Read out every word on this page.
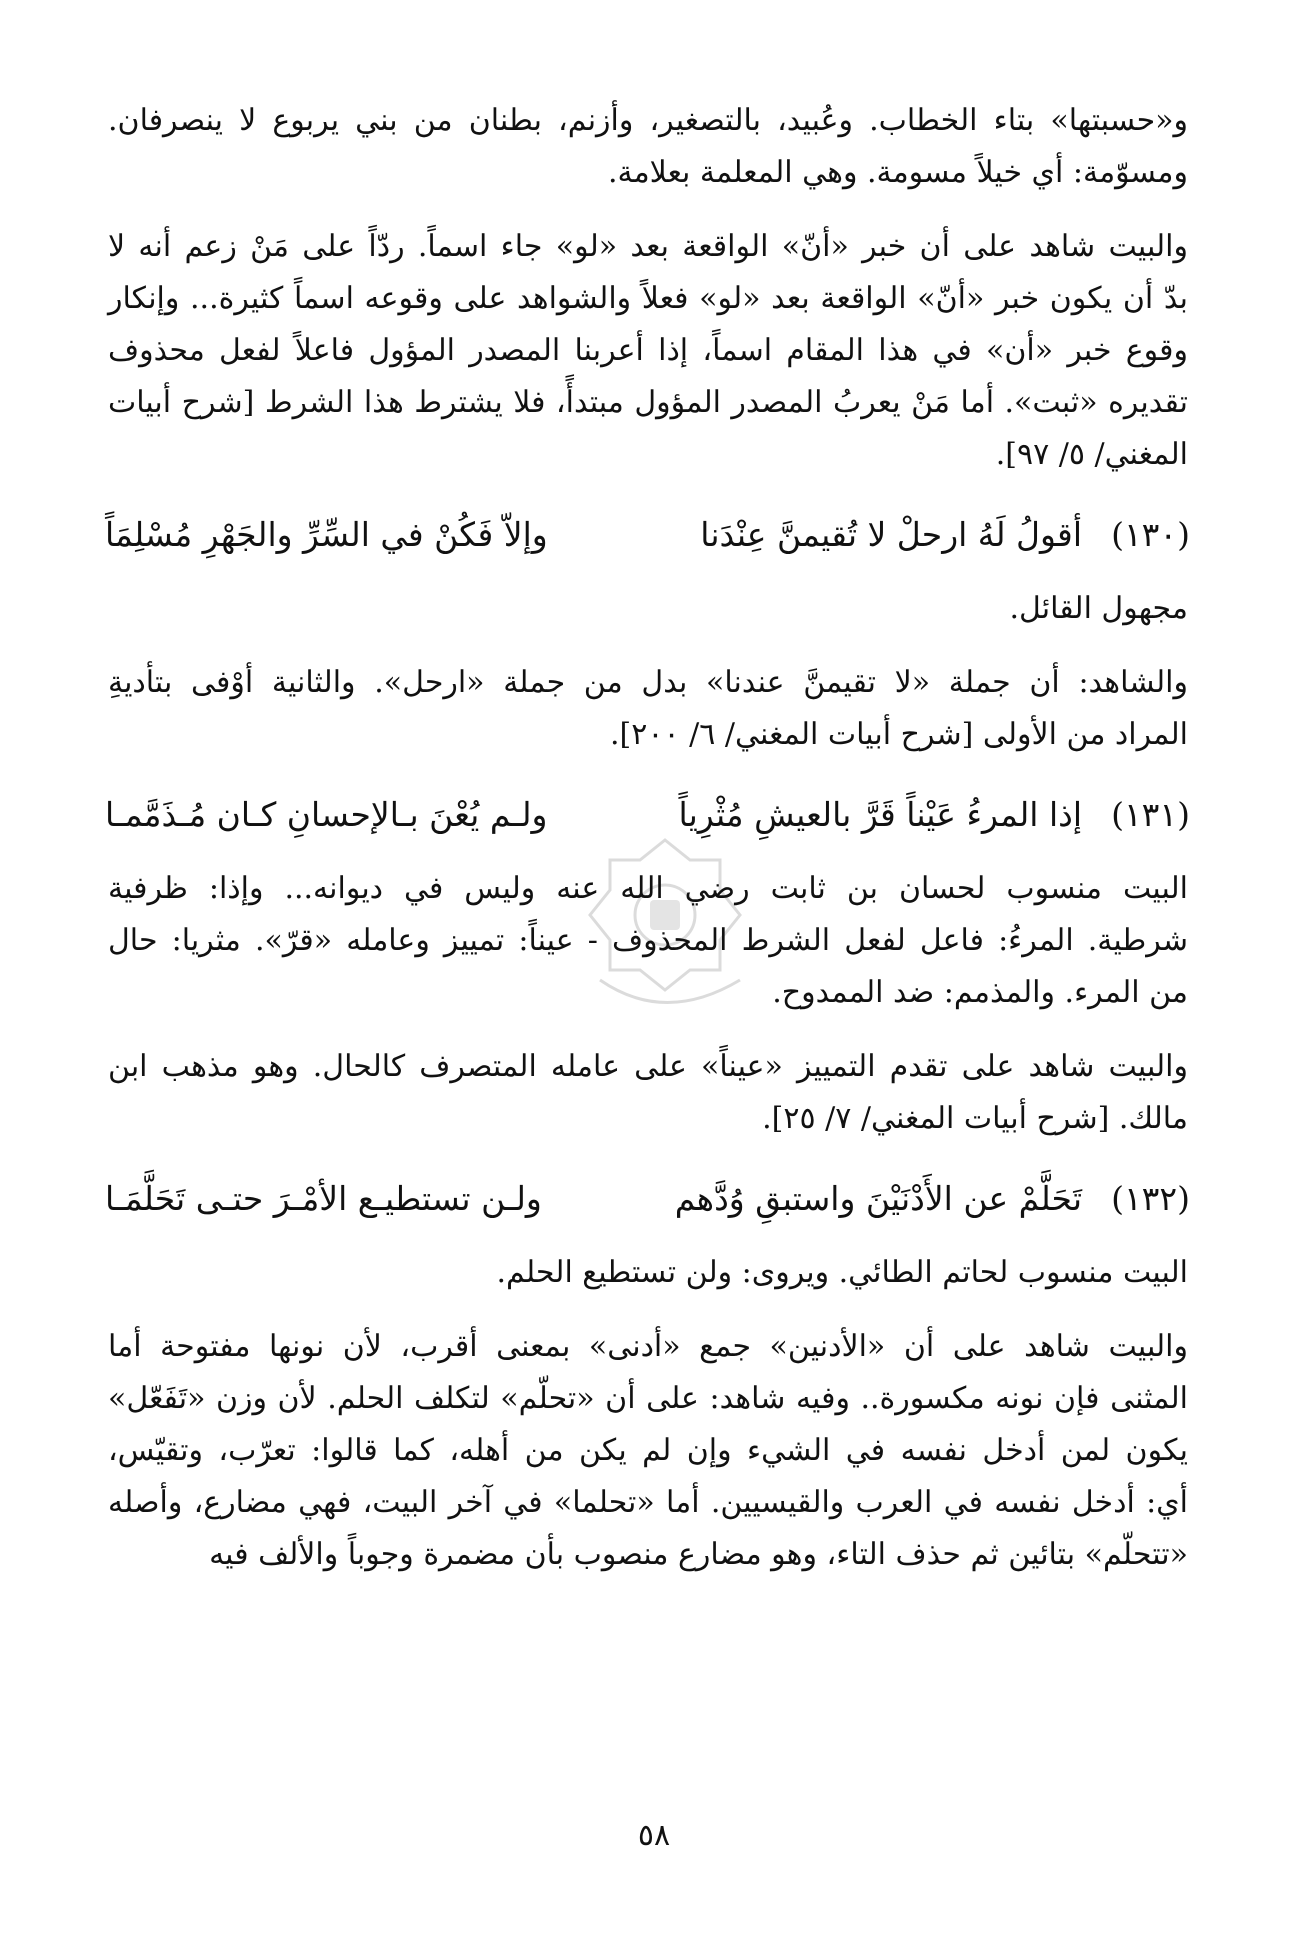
و«حسبتها» بتاء الخطاب. وعُبيد، بالتصغير، وأزنم، بطنان من بني يربوع لا ينصرفان.
ومسوّمة: أي خيلاً مسومة. وهي المعلمة بعلامة.
والبيت شاهد على أن خبر «أنّ» الواقعة بعد «لو» جاء اسماً. ردّاً على مَنْ زعم أنه لا
بدّ أن يكون خبر «أنّ» الواقعة بعد «لو» فعلاً والشواهد على وقوعه اسماً كثيرة... وإنكار
وقوع خبر «أن» في هذا المقام اسماً، إذا أعربنا المصدر المؤول فاعلاً لفعل محذوف
تقديره «ثبت». أما مَنْ يعربُ المصدر المؤول مبتدأً، فلا يشترط هذا الشرط [شرح أبيات
المغني/ ٥/ ٩٧].
(١٣٠)
أقولُ لَهُ ارحلْ لا تُقيمنَّ عِنْدَنا
وإلاّ فَكُنْ في السِّرِّ والجَهْرِ مُسْلِمَاً
مجهول القائل.
والشاهد: أن جملة «لا تقيمنَّ عندنا» بدل من جملة «ارحل». والثانية أوْفى بتأديةِ
المراد من الأولى [شرح أبيات المغني/ ٦/ ٢٠٠].
(١٣١)
إذا المرءُ عَيْناً قَرَّ بالعيشِ مُثْرِياً
ولـم يُعْنَ بـالإحسانِ كـان مُـذَمَّمـا
البيت منسوب لحسان بن ثابت رضي الله عنه وليس في ديوانه... وإذا: ظرفية
شرطية. المرءُ: فاعل لفعل الشرط المحذوف - عيناً: تمييز وعامله «قرّ». مثريا: حال
من المرء. والمذمم: ضد الممدوح.
والبيت شاهد على تقدم التمييز «عيناً» على عامله المتصرف كالحال. وهو مذهب ابن
مالك. [شرح أبيات المغني/ ٧/ ٢٥].
(١٣٢)
تَحَلَّمْ عن الأَدْنَيْنَ واستبقِ وُدَّهم
ولـن تستطيـع الأمْـرَ حتـى تَحَلَّمَـا
البيت منسوب لحاتم الطائي. ويروى: ولن تستطيع الحلم.
والبيت شاهد على أن «الأدنين» جمع «أدنى» بمعنى أقرب، لأن نونها مفتوحة أما
المثنى فإن نونه مكسورة.. وفيه شاهد: على أن «تحلّم» لتكلف الحلم. لأن وزن «تَفَعّل»
يكون لمن أدخل نفسه في الشيء وإن لم يكن من أهله، كما قالوا: تعرّب، وتقيّس،
أي: أدخل نفسه في العرب والقيسيين. أما «تحلما» في آخر البيت، فهي مضارع، وأصله
«تتحلّم» بتائين ثم حذف التاء، وهو مضارع منصوب بأن مضمرة وجوباً والألف فيه
٥٨
